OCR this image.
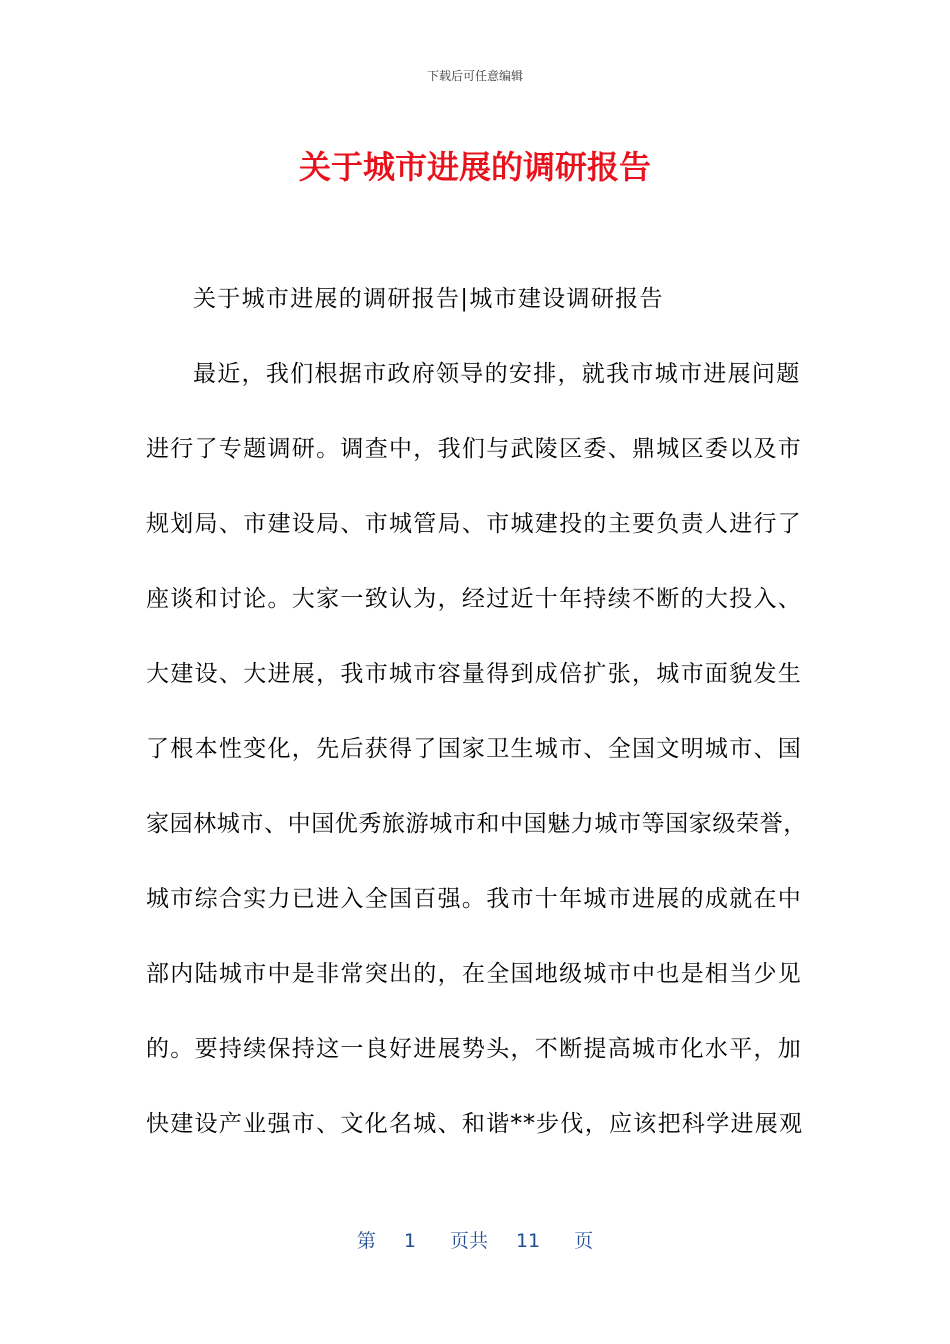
下载后可任意编辑
关于城市进展的调研报告
关于城市进展的调研报告|城市建设调研报告
最近，我们根据市政府领导的安排，就我市城市进展问题
进行了专题调研。调查中，我们与武陵区委、鼎城区委以及市
规划局、市建设局、市城管局、市城建投的主要负责人进行了
座谈和讨论。大家一致认为，经过近十年持续不断的大投入、
大建设、大进展，我市城市容量得到成倍扩张，城市面貌发生
了根本性变化，先后获得了国家卫生城市、全国文明城市、国
家园林城市、中国优秀旅游城市和中国魅力城市等国家级荣誉，
城市综合实力已进入全国百强。我市十年城市进展的成就在中
部内陆城市中是非常突出的，在全国地级城市中也是相当少见
的。要持续保持这一良好进展势头，不断提高城市化水平，加
快建设产业强市、文化名城、和谐**步伐，应该把科学进展观
第 1 页共 11 页
